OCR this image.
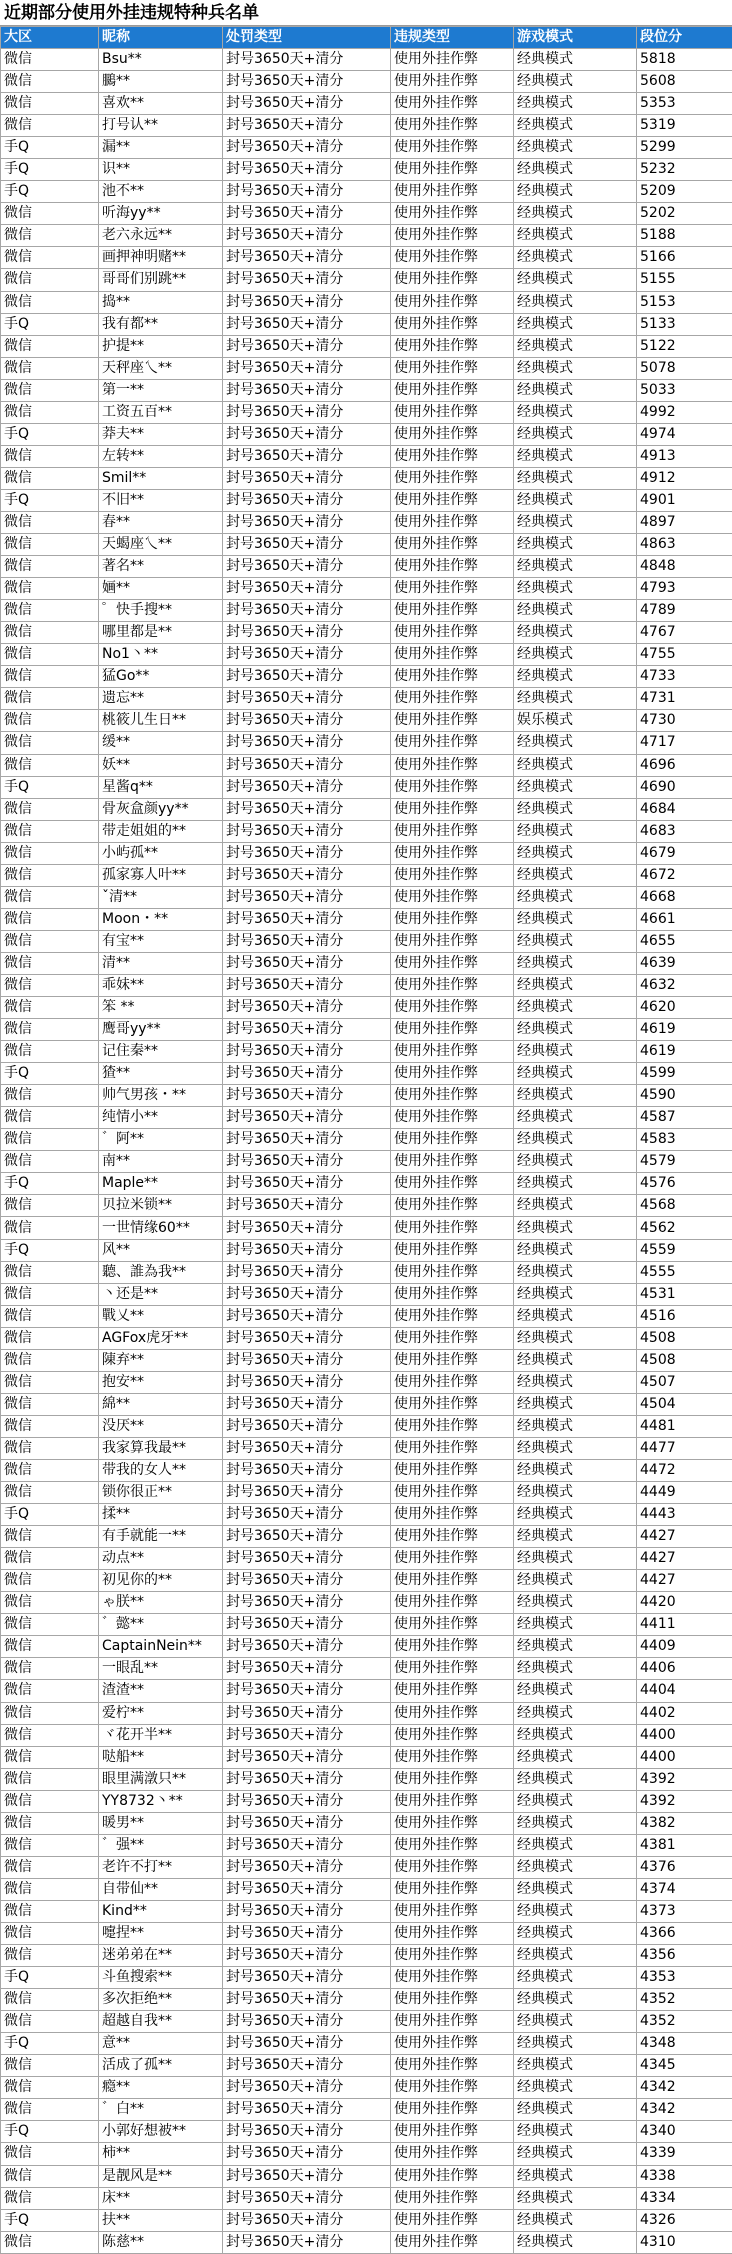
近期部分使用外挂违规特种兵名单
大区	昵称	处罚类型	违规类型	游戏模式	段位分
微信	Bsu**	封号3650天+清分	使用外挂作弊	经典模式	5818
微信	鵩**	封号3650天+清分	使用外挂作弊	经典模式	5608
微信	喜欢**	封号3650天+清分	使用外挂作弊	经典模式	5353
微信	打号认**	封号3650天+清分	使用外挂作弊	经典模式	5319
手Q	漏**	封号3650天+清分	使用外挂作弊	经典模式	5299
手Q	识**	封号3650天+清分	使用外挂作弊	经典模式	5232
手Q	池不**	封号3650天+清分	使用外挂作弊	经典模式	5209
微信	听海yy**	封号3650天+清分	使用外挂作弊	经典模式	5202
微信	老六永远**	封号3650天+清分	使用外挂作弊	经典模式	5188
微信	画押神明赌**	封号3650天+清分	使用外挂作弊	经典模式	5166
微信	哥哥们别跳**	封号3650天+清分	使用外挂作弊	经典模式	5155
微信	捣**	封号3650天+清分	使用外挂作弊	经典模式	5153
手Q	我有都**	封号3650天+清分	使用外挂作弊	经典模式	5133
微信	护提**	封号3650天+清分	使用外挂作弊	经典模式	5122
微信	天秤座乀**	封号3650天+清分	使用外挂作弊	经典模式	5078
微信	第一**	封号3650天+清分	使用外挂作弊	经典模式	5033
微信	工资五百**	封号3650天+清分	使用外挂作弊	经典模式	4992
手Q	莽夫**	封号3650天+清分	使用外挂作弊	经典模式	4974
微信	左转**	封号3650天+清分	使用外挂作弊	经典模式	4913
微信	Smil**	封号3650天+清分	使用外挂作弊	经典模式	4912
手Q	不旧**	封号3650天+清分	使用外挂作弊	经典模式	4901
微信	春**	封号3650天+清分	使用外挂作弊	经典模式	4897
微信	天蝎座乀**	封号3650天+清分	使用外挂作弊	经典模式	4863
微信	著名**	封号3650天+清分	使用外挂作弊	经典模式	4848
微信	婳**	封号3650天+清分	使用外挂作弊	经典模式	4793
微信	゜快手搜**	封号3650天+清分	使用外挂作弊	经典模式	4789
微信	哪里都是**	封号3650天+清分	使用外挂作弊	经典模式	4767
微信	No1丶**	封号3650天+清分	使用外挂作弊	经典模式	4755
微信	猛Go**	封号3650天+清分	使用外挂作弊	经典模式	4733
微信	遗忘**	封号3650天+清分	使用外挂作弊	经典模式	4731
微信	桃筱儿生日**	封号3650天+清分	使用外挂作弊	娱乐模式	4730
微信	缓**	封号3650天+清分	使用外挂作弊	经典模式	4717
微信	妖**	封号3650天+清分	使用外挂作弊	经典模式	4696
手Q	星酱q**	封号3650天+清分	使用外挂作弊	经典模式	4690
微信	骨灰盒颜yy**	封号3650天+清分	使用外挂作弊	经典模式	4684
微信	带走姐姐的**	封号3650天+清分	使用外挂作弊	经典模式	4683
微信	小屿孤**	封号3650天+清分	使用外挂作弊	经典模式	4679
微信	孤家寡人叶**	封号3650天+清分	使用外挂作弊	经典模式	4672
微信	ˇ清**	封号3650天+清分	使用外挂作弊	经典模式	4668
微信	Moon・**	封号3650天+清分	使用外挂作弊	经典模式	4661
微信	有宝**	封号3650天+清分	使用外挂作弊	经典模式	4655
微信	清**	封号3650天+清分	使用外挂作弊	经典模式	4639
微信	乖妹**	封号3650天+清分	使用外挂作弊	经典模式	4632
微信	笨 **	封号3650天+清分	使用外挂作弊	经典模式	4620
微信	鹰哥yy**	封号3650天+清分	使用外挂作弊	经典模式	4619
微信	记住秦**	封号3650天+清分	使用外挂作弊	经典模式	4619
手Q	猹**	封号3650天+清分	使用外挂作弊	经典模式	4599
微信	帅气男孩・**	封号3650天+清分	使用外挂作弊	经典模式	4590
微信	纯情小**	封号3650天+清分	使用外挂作弊	经典模式	4587
微信	゛阿**	封号3650天+清分	使用外挂作弊	经典模式	4583
微信	南**	封号3650天+清分	使用外挂作弊	经典模式	4579
手Q	Maple**	封号3650天+清分	使用外挂作弊	经典模式	4576
微信	贝拉米锁**	封号3650天+清分	使用外挂作弊	经典模式	4568
微信	一世情缘60**	封号3650天+清分	使用外挂作弊	经典模式	4562
手Q	风**	封号3650天+清分	使用外挂作弊	经典模式	4559
微信	聽、誰為我**	封号3650天+清分	使用外挂作弊	经典模式	4555
微信	丶还是**	封号3650天+清分	使用外挂作弊	经典模式	4531
微信	戰乂**	封号3650天+清分	使用外挂作弊	经典模式	4516
微信	AGFox虎牙**	封号3650天+清分	使用外挂作弊	经典模式	4508
微信	陳弃**	封号3650天+清分	使用外挂作弊	经典模式	4508
微信	抱安**	封号3650天+清分	使用外挂作弊	经典模式	4507
微信	綿**	封号3650天+清分	使用外挂作弊	经典模式	4504
微信	没厌**	封号3650天+清分	使用外挂作弊	经典模式	4481
微信	我家算我最**	封号3650天+清分	使用外挂作弊	经典模式	4477
微信	带我的女人**	封号3650天+清分	使用外挂作弊	经典模式	4472
微信	锁你很正**	封号3650天+清分	使用外挂作弊	经典模式	4449
手Q	揉**	封号3650天+清分	使用外挂作弊	经典模式	4443
微信	有手就能一**	封号3650天+清分	使用外挂作弊	经典模式	4427
微信	动点**	封号3650天+清分	使用外挂作弊	经典模式	4427
微信	初见你的**	封号3650天+清分	使用外挂作弊	经典模式	4427
微信	ゃ朕**	封号3650天+清分	使用外挂作弊	经典模式	4420
微信	゛懿**	封号3650天+清分	使用外挂作弊	经典模式	4411
微信	CaptainNein**	封号3650天+清分	使用外挂作弊	经典模式	4409
微信	一眼乱**	封号3650天+清分	使用外挂作弊	经典模式	4406
微信	渣渣**	封号3650天+清分	使用外挂作弊	经典模式	4404
微信	爱柠**	封号3650天+清分	使用外挂作弊	经典模式	4402
微信	ヾ花开半**	封号3650天+清分	使用外挂作弊	经典模式	4400
微信	哒船**	封号3650天+清分	使用外挂作弊	经典模式	4400
微信	眼里满潡只**	封号3650天+清分	使用外挂作弊	经典模式	4392
微信	YY8732丶**	封号3650天+清分	使用外挂作弊	经典模式	4392
微信	暖男**	封号3650天+清分	使用外挂作弊	经典模式	4382
微信	゛强**	封号3650天+清分	使用外挂作弊	经典模式	4381
微信	老许不打**	封号3650天+清分	使用外挂作弊	经典模式	4376
微信	自带仙**	封号3650天+清分	使用外挂作弊	经典模式	4374
微信	Kind**	封号3650天+清分	使用外挂作弊	经典模式	4373
微信	嚏捏**	封号3650天+清分	使用外挂作弊	经典模式	4366
微信	迷弟弟在**	封号3650天+清分	使用外挂作弊	经典模式	4356
手Q	斗鱼搜索**	封号3650天+清分	使用外挂作弊	经典模式	4353
微信	多次拒绝**	封号3650天+清分	使用外挂作弊	经典模式	4352
微信	超越自我**	封号3650天+清分	使用外挂作弊	经典模式	4352
手Q	意**	封号3650天+清分	使用外挂作弊	经典模式	4348
微信	活成了孤**	封号3650天+清分	使用外挂作弊	经典模式	4345
微信	瘾**	封号3650天+清分	使用外挂作弊	经典模式	4342
微信	゛白**	封号3650天+清分	使用外挂作弊	经典模式	4342
手Q	小郭好想被**	封号3650天+清分	使用外挂作弊	经典模式	4340
微信	柿**	封号3650天+清分	使用外挂作弊	经典模式	4339
微信	是靓风是**	封号3650天+清分	使用外挂作弊	经典模式	4338
微信	床**	封号3650天+清分	使用外挂作弊	经典模式	4334
手Q	扶**	封号3650天+清分	使用外挂作弊	经典模式	4326
微信	陈慈**	封号3650天+清分	使用外挂作弊	经典模式	4310
